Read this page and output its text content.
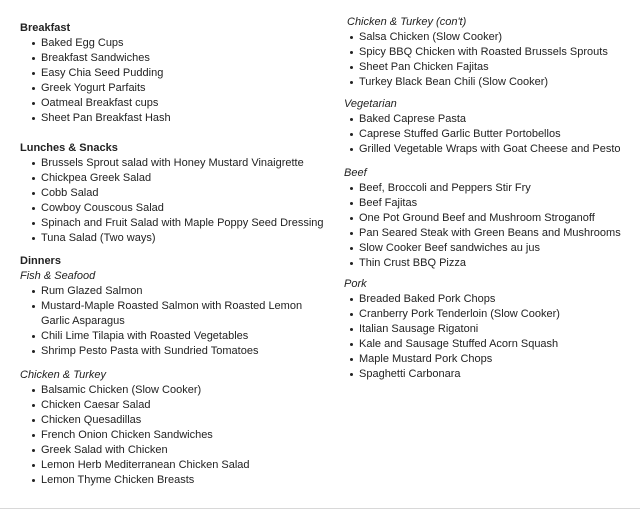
Breakfast
Baked Egg Cups
Breakfast Sandwiches
Easy Chia Seed Pudding
Greek Yogurt Parfaits
Oatmeal Breakfast cups
Sheet Pan Breakfast Hash
Lunches & Snacks
Brussels Sprout salad with Honey Mustard Vinaigrette
Chickpea Greek Salad
Cobb Salad
Cowboy Couscous Salad
Spinach and Fruit Salad with Maple Poppy Seed Dressing
Tuna Salad (Two ways)
Dinners
Fish & Seafood
Rum Glazed Salmon
Mustard-Maple Roasted Salmon with Roasted Lemon Garlic Asparagus
Chili Lime Tilapia with Roasted Vegetables
Shrimp Pesto Pasta with Sundried Tomatoes
Chicken & Turkey
Balsamic Chicken (Slow Cooker)
Chicken Caesar Salad
Chicken Quesadillas
French Onion Chicken Sandwiches
Greek Salad with Chicken
Lemon Herb Mediterranean Chicken Salad
Lemon Thyme Chicken Breasts
Chicken & Turkey (con't)
Salsa Chicken (Slow Cooker)
Spicy BBQ Chicken with Roasted Brussels Sprouts
Sheet Pan Chicken Fajitas
Turkey Black Bean Chili (Slow Cooker)
Vegetarian
Baked Caprese Pasta
Caprese Stuffed Garlic Butter Portobellos
Grilled Vegetable Wraps with Goat Cheese and Pesto
Beef
Beef, Broccoli and Peppers Stir Fry
Beef Fajitas
One Pot Ground Beef and Mushroom Stroganoff
Pan Seared Steak with Green Beans and Mushrooms
Slow Cooker Beef sandwiches au jus
Thin Crust BBQ Pizza
Pork
Breaded Baked Pork Chops
Cranberry Pork Tenderloin (Slow Cooker)
Italian Sausage Rigatoni
Kale and Sausage Stuffed Acorn Squash
Maple Mustard Pork Chops
Spaghetti Carbonara
